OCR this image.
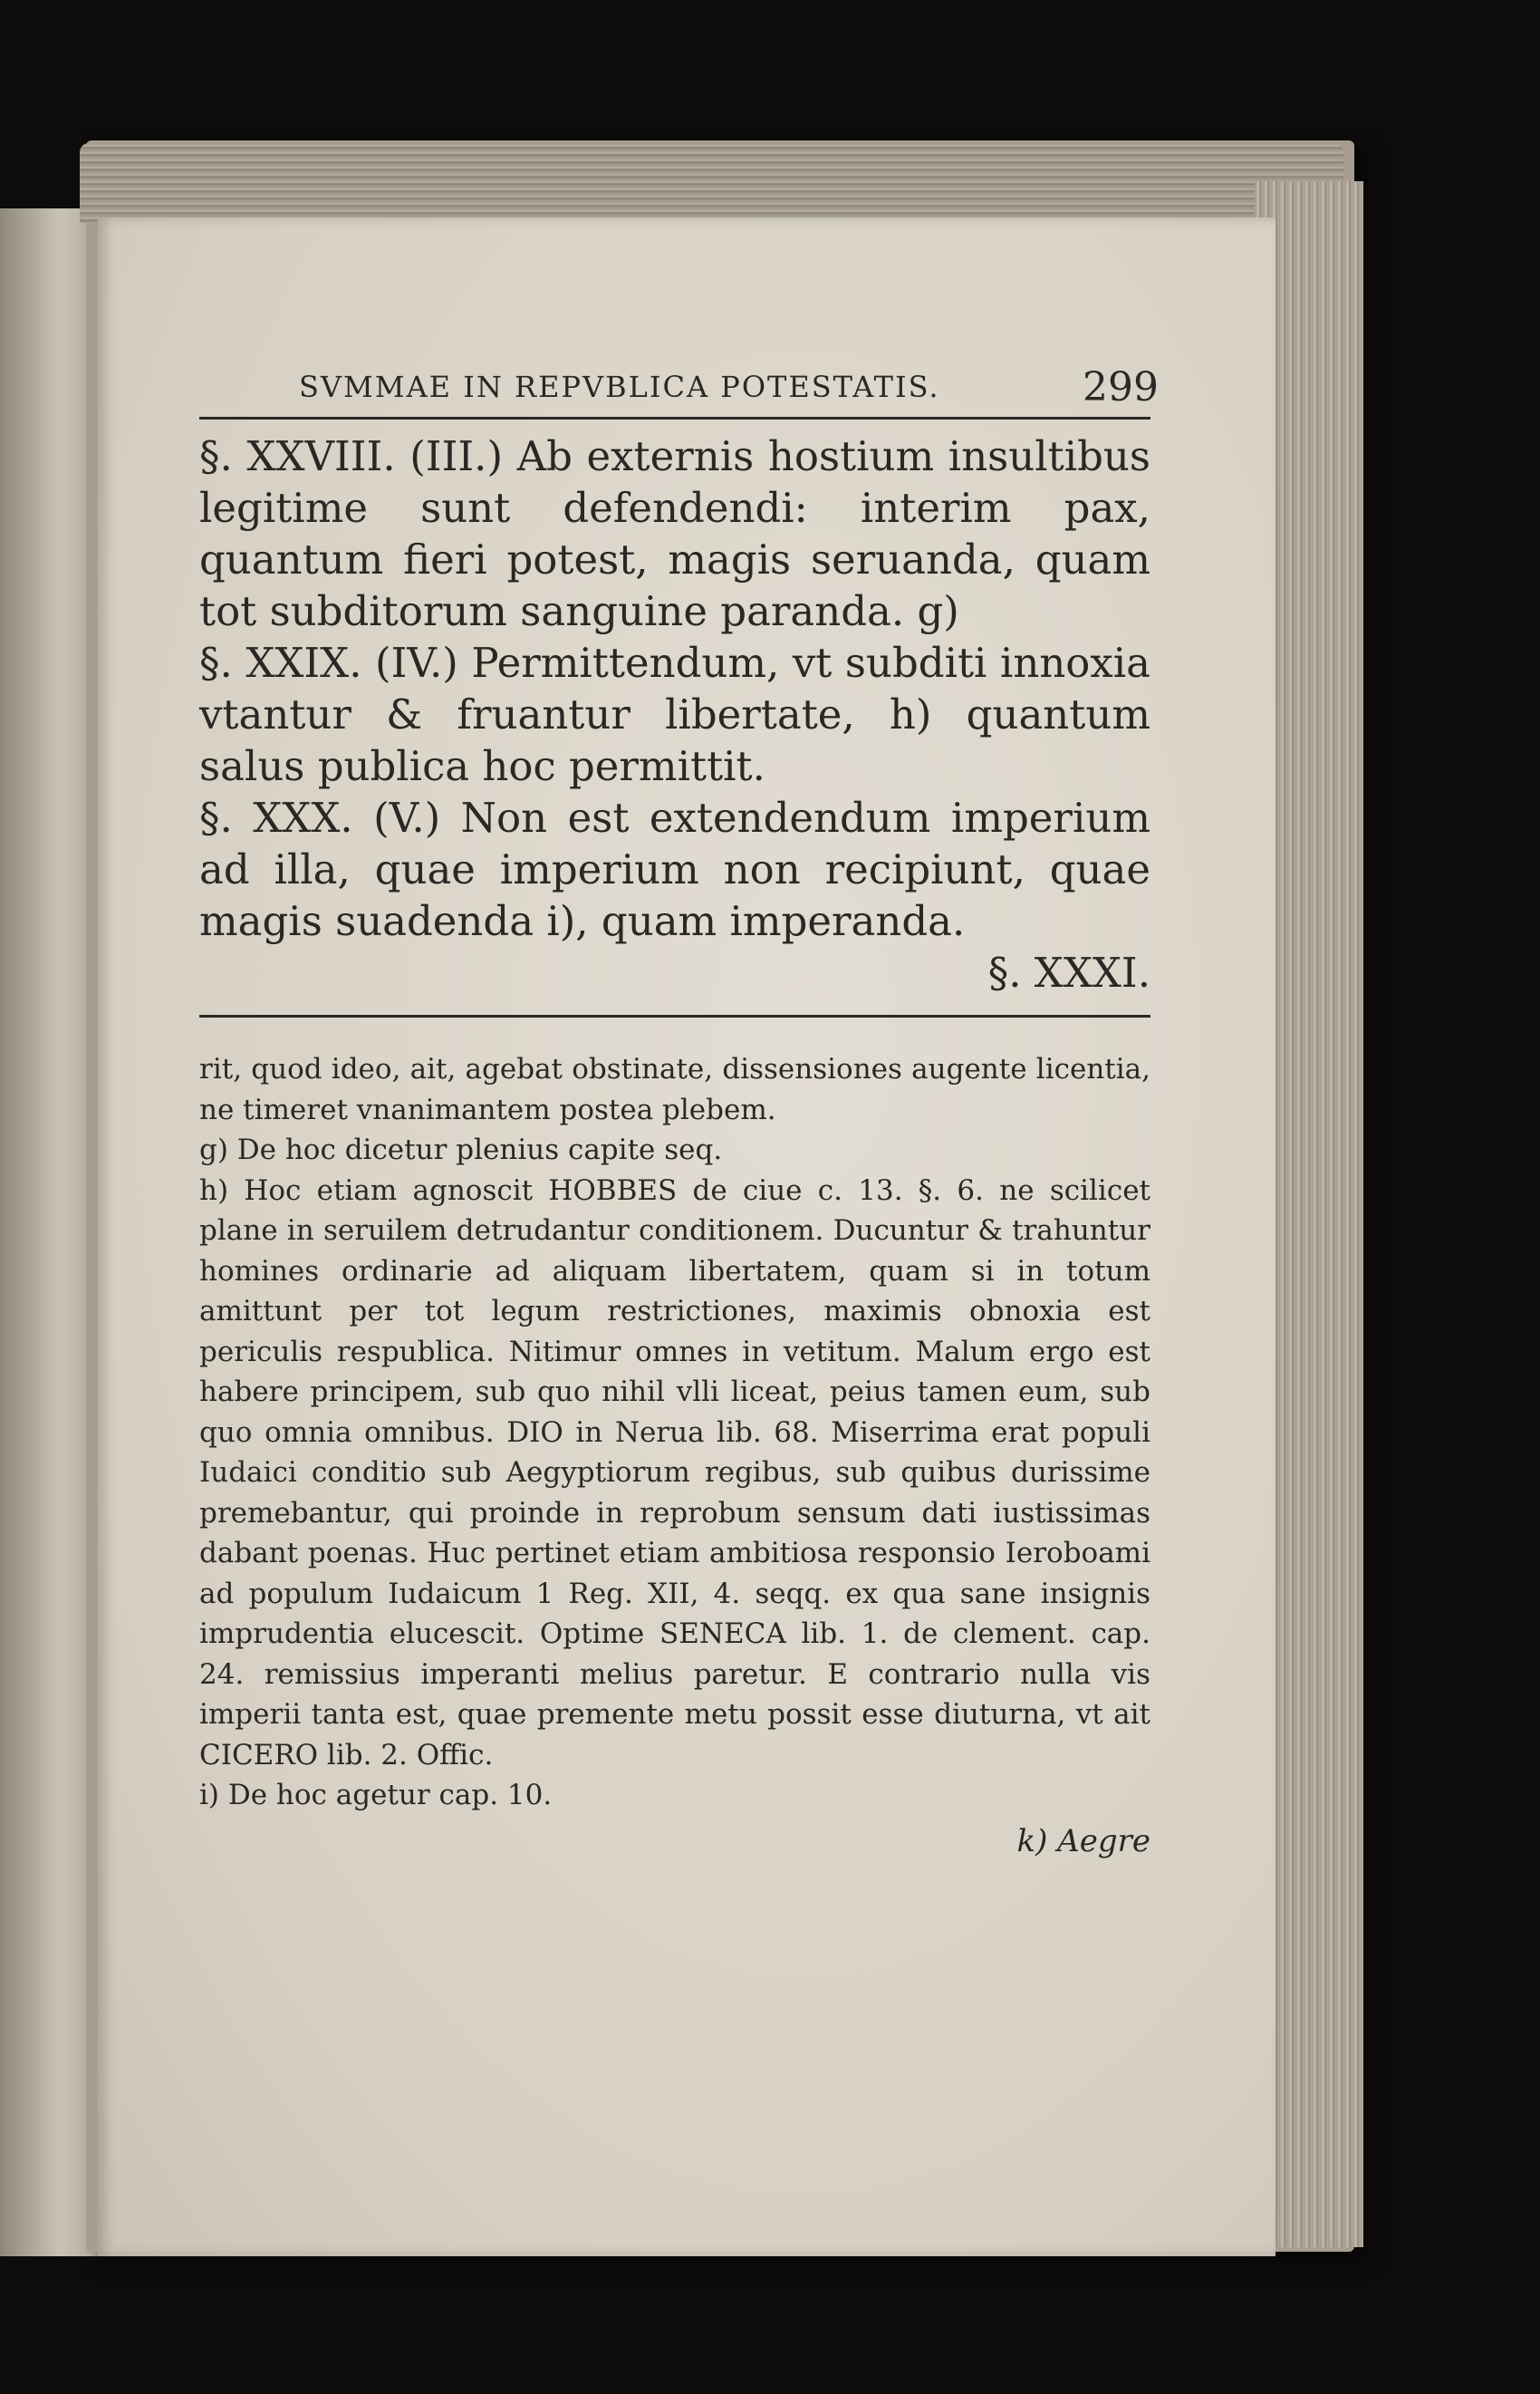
SVMMAE IN REPVBLICA POTESTATIS.	299

§. XXVIII. (III.) Ab externis hostium insultibus legitime sunt defendendi: interim pax, quantum fieri potest, magis seruanda, quam tot subditorum sanguine paranda. g)

§. XXIX. (IV.) Permittendum, vt subditi innoxia vtantur & fruantur libertate, h) quantum salus publica hoc permittit.

§. XXX. (V.) Non est extendendum imperium ad illa, quae imperium non recipiunt, quae magis suadenda i), quam imperanda.

§. XXXI.

rit, quod ideo, ait, agebat obstinate, dissensiones augente licentia, ne timeret vnanimantem postea plebem.

g) De hoc dicetur plenius capite seq.

h) Hoc etiam agnoscit HOBBES de ciue c. 13. §. 6. ne scilicet plane in seruilem detrudantur conditionem. Ducuntur & trahuntur homines ordinarie ad aliquam libertatem, quam si in totum amittunt per tot legum restrictiones, maximis obnoxia est periculis respublica. Nitimur omnes in vetitum. Malum ergo est habere principem, sub quo nihil vlli liceat, peius tamen eum, sub quo omnia omnibus. DIO in Nerua lib. 68. Miserrima erat populi Iudaici conditio sub Aegyptiorum regibus, sub quibus durissime premebantur, qui proinde in reprobum sensum dati iustissimas dabant poenas. Huc pertinet etiam ambitiosa responsio Ieroboami ad populum Iudaicum 1 Reg. XII, 4. seqq. ex qua sane insignis imprudentia elucescit. Optime SENECA lib. 1. de clement. cap. 24. remissius imperanti melius paretur. E contrario nulla vis imperii tanta est, quae premente metu possit esse diuturna, vt ait CICERO lib. 2. Offic.

i) De hoc agetur cap. 10.

k) Aegre
